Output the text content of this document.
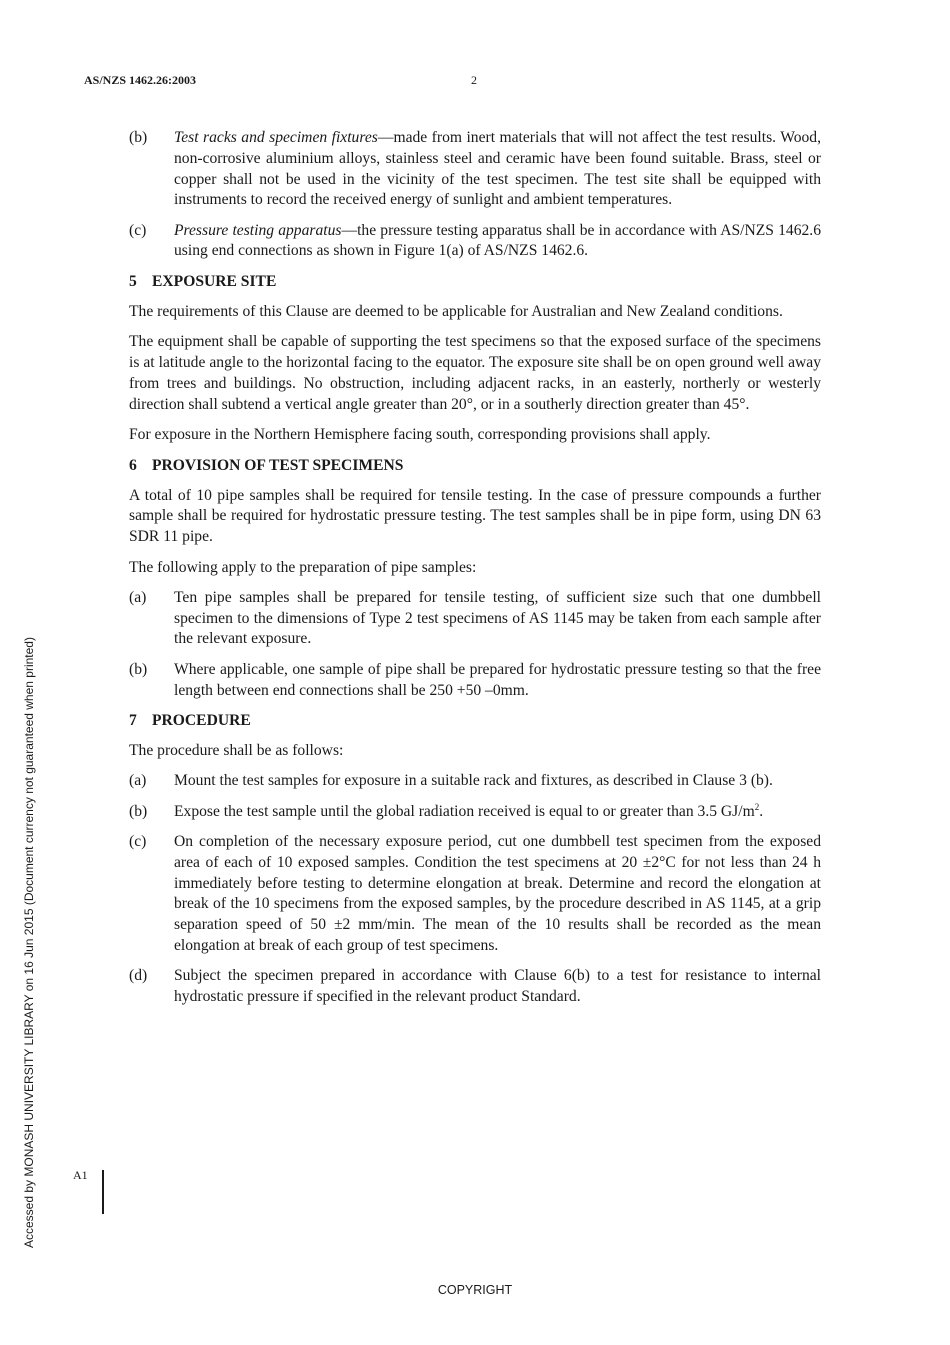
AS/NZS 1462.26:2003	2
Accessed by MONASH UNIVERSITY LIBRARY on 16 Jun 2015 (Document currency not guaranteed when printed)
(b)	Test racks and specimen fixtures—made from inert materials that will not affect the test results. Wood, non-corrosive aluminium alloys, stainless steel and ceramic have been found suitable. Brass, steel or copper shall not be used in the vicinity of the test specimen. The test site shall be equipped with instruments to record the received energy of sunlight and ambient temperatures.
(c)	Pressure testing apparatus—the pressure testing apparatus shall be in accordance with AS/NZS 1462.6 using end connections as shown in Figure 1(a) of AS/NZS 1462.6.
5 EXPOSURE SITE
The requirements of this Clause are deemed to be applicable for Australian and New Zealand conditions.
The equipment shall be capable of supporting the test specimens so that the exposed surface of the specimens is at latitude angle to the horizontal facing to the equator. The exposure site shall be on open ground well away from trees and buildings. No obstruction, including adjacent racks, in an easterly, northerly or westerly direction shall subtend a vertical angle greater than 20°, or in a southerly direction greater than 45°.
For exposure in the Northern Hemisphere facing south, corresponding provisions shall apply.
6 PROVISION OF TEST SPECIMENS
A total of 10 pipe samples shall be required for tensile testing. In the case of pressure compounds a further sample shall be required for hydrostatic pressure testing. The test samples shall be in pipe form, using DN 63 SDR 11 pipe.
The following apply to the preparation of pipe samples:
(a)	Ten pipe samples shall be prepared for tensile testing, of sufficient size such that one dumbbell specimen to the dimensions of Type 2 test specimens of AS 1145 may be taken from each sample after the relevant exposure.
(b)	Where applicable, one sample of pipe shall be prepared for hydrostatic pressure testing so that the free length between end connections shall be 250 +50 –0mm.
7 PROCEDURE
The procedure shall be as follows:
(a)	Mount the test samples for exposure in a suitable rack and fixtures, as described in Clause 3 (b).
(b)	Expose the test sample until the global radiation received is equal to or greater than 3.5 $GJ/m^2$.
(c)	On completion of the necessary exposure period, cut one dumbbell test specimen from the exposed area of each of 10 exposed samples. Condition the test specimens at 20 ±2°C for not less than 24 h immediately before testing to determine elongation at break. Determine and record the elongation at break of the 10 specimens from the exposed samples, by the procedure described in AS 1145, at a grip separation speed of 50 ±2 mm/min. The mean of the 10 results shall be recorded as the mean elongation at break of each group of test specimens.
(d)	Subject the specimen prepared in accordance with Clause 6(b) to a test for resistance to internal hydrostatic pressure if specified in the relevant product Standard.
A1
COPYRIGHT
